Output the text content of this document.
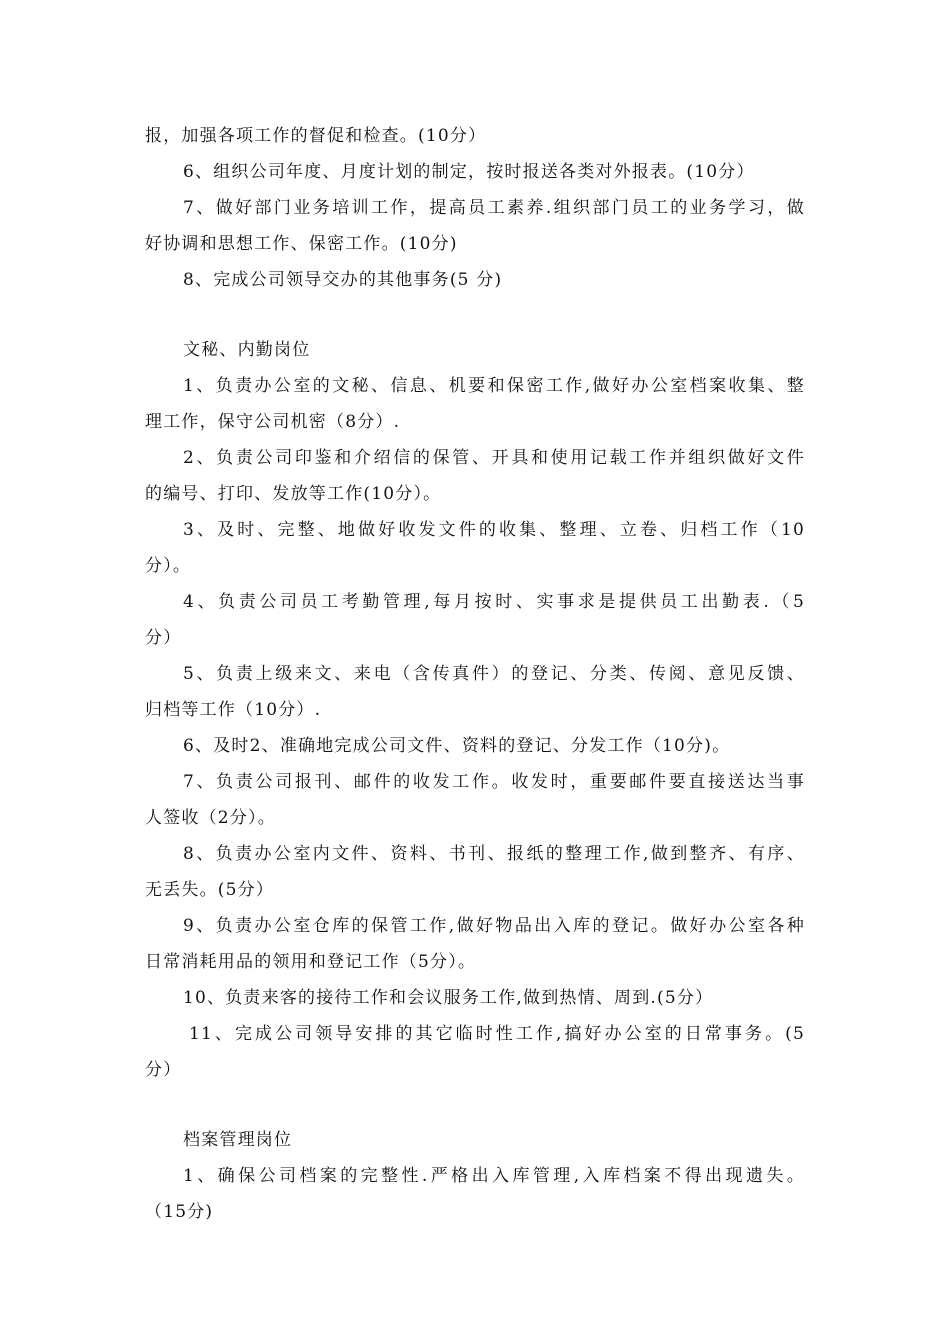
报，加强各项工作的督促和检查。(10分）
6、组织公司年度、月度计划的制定，按时报送各类对外报表。(10分）
7、做好部门业务培训工作，提高员工素养.组织部门员工的业务学习，做
好协调和思想工作、保密工作。(10分)
8、完成公司领导交办的其他事务(5 分)
文秘、内勤岗位
1、负责办公室的文秘、信息、机要和保密工作,做好办公室档案收集、整
理工作，保守公司机密（8分）.
2、负责公司印鉴和介绍信的保管、开具和使用记载工作并组织做好文件
的编号、打印、发放等工作(10分）。
3、及时、完整、地做好收发文件的收集、整理、立卷、归档工作（10
分）。
4、负责公司员工考勤管理,每月按时、实事求是提供员工出勤表.（5
分）
5、负责上级来文、来电（含传真件）的登记、分类、传阅、意见反馈、
归档等工作（10分）.
6、及时2、准确地完成公司文件、资料的登记、分发工作（10分)。
7、负责公司报刊、邮件的收发工作。收发时，重要邮件要直接送达当事
人签收（2分）。
8、负责办公室内文件、资料、书刊、报纸的整理工作,做到整齐、有序、
无丢失。(5分）
9、负责办公室仓库的保管工作,做好物品出入库的登记。做好办公室各种
日常消耗用品的领用和登记工作（5分）。
10、负责来客的接待工作和会议服务工作,做到热情、周到.(5分）
11、完成公司领导安排的其它临时性工作,搞好办公室的日常事务。(5
分）
档案管理岗位
1、确保公司档案的完整性.严格出入库管理,入库档案不得出现遗失。
（15分)
